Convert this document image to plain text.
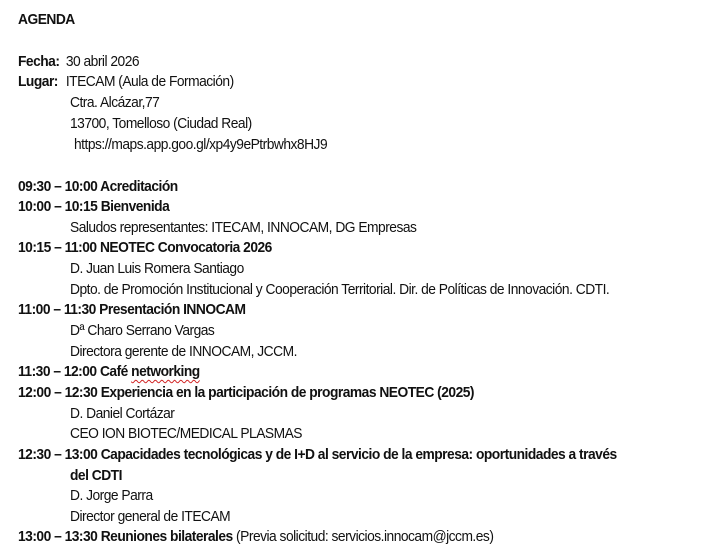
AGENDA
Fecha: 30 abril 2026
Lugar: ITECAM (Aula de Formación)
Ctra. Alcázar,77
13700, Tomelloso (Ciudad Real)
https://maps.app.goo.gl/xp4y9ePtrbwhx8HJ9
09:30 – 10:00 Acreditación
10:00 – 10:15 Bienvenida
Saludos representantes: ITECAM, INNOCAM, DG Empresas
10:15 – 11:00 NEOTEC Convocatoria 2026
D. Juan Luis Romera Santiago
Dpto. de Promoción Institucional y Cooperación Territorial. Dir. de Políticas de Innovación. CDTI.
11:00 – 11:30 Presentación INNOCAM
Dª Charo Serrano Vargas
Directora gerente de INNOCAM, JCCM.
11:30 – 12:00 Café networking
12:00 – 12:30 Experiencia en la participación de programas NEOTEC (2025)
D. Daniel Cortázar
CEO ION BIOTEC/MEDICAL PLASMAS
12:30 – 13:00 Capacidades tecnológicas y de I+D al servicio de la empresa: oportunidades a través
del CDTI
D. Jorge Parra
Director general de ITECAM
13:00 – 13:30 Reuniones bilaterales (Previa solicitud: servicios.innocam@jccm.es)
